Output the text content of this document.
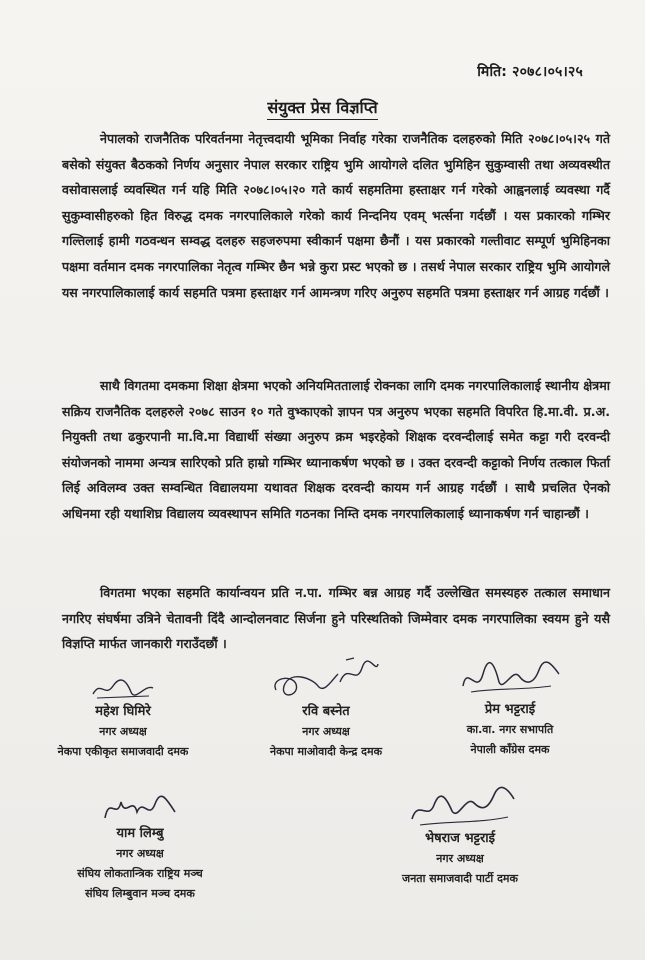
मिति: २०७८।०५।२५
संयुक्त प्रेस विज्ञप्ति
नेपालको राजनैतिक परिवर्तनमा नेतृत्त्वदायी भूमिका निर्वाह गरेका राजनैतिक दलहरुको मिति २०७८।०५।२५ गते बसेको संयुक्त बैठकको निर्णय अनुसार नेपाल सरकार राष्ट्रिय भुमि आयोगले दलित भुमिहिन सुकुम्वासी तथा अव्यवस्थीत वसोवासलाई व्यवस्थित गर्न यहि मिति २०७८।०५।२० गते कार्य सहमतिमा हस्ताक्षर गर्न गरेको आह्वनलाई व्यवस्था गर्दै सुकुम्वासीहरुको हित विरुद्ध दमक नगरपालिकाले गरेको कार्य निन्दनिय एवम् भर्त्सना गर्दछौं । यस प्रकारको गम्भिर गल्तिलाई हामी गठवन्धन सम्वद्ध दलहरु सहजरुपमा स्वीकार्न पक्षमा छैनौं । यस प्रकारको गल्तीवाट सम्पूर्ण भुमिहिनका पक्षमा वर्तमान दमक नगरपालिका नेतृत्व गम्भिर छैन भन्ने कुरा प्रस्ट भएको छ । तसर्थ नेपाल सरकार राष्ट्रिय भुमि आयोगले यस नगरपालिकालाई कार्य सहमति पत्रमा हस्ताक्षर गर्न आमन्त्रण गरिए अनुरुप सहमति पत्रमा हस्ताक्षर गर्न आग्रह गर्दछौं ।
साथै विगतमा दमकमा शिक्षा क्षेत्रमा भएको अनियमिततालाई रोक्नका लागि दमक नगरपालिकालाई स्थानीय क्षेत्रमा सक्रिय राजनैतिक दलहरुले २०७८ साउन १० गते वुभ्काएको ज्ञापन पत्र अनुरुप भएका सहमति विपरित हि.मा.वी. प्र.अ. नियुक्ती तथा ढकुरपानी मा.वि.मा विद्यार्थी संख्या अनुरुप क्रम भइरहेको शिक्षक दरवन्दीलाई समेत कट्टा गरी दरवन्दी संयोजनको नाममा अन्यत्र सारिएको प्रति हाम्रो गम्भिर ध्यानाकर्षण भएको छ । उक्त दरवन्दी कट्टाको निर्णय तत्काल फिर्ता लिई अविलम्व उक्त सम्वन्धित विद्यालयमा यथावत शिक्षक दरवन्दी कायम गर्न आग्रह गर्दछौं । साथै प्रचलित ऐनको अधिनमा रही यथाशिघ्र विद्यालय व्यवस्थापन समिति गठनका निम्ति दमक नगरपालिकालाई ध्यानाकर्षण गर्न चाहान्छौं ।
विगतमा भएका सहमति कार्यान्वयन प्रति न.पा. गम्भिर बन्न आग्रह गर्दै उल्लेखित समस्यहरु तत्काल समाधान नगरिए संघर्षमा उत्रिने चेतावनी दिंदै आन्दोलनवाट सिर्जना हुने परिस्थतिको जिम्मेवार दमक नगरपालिका स्वयम हुने यसै विज्ञप्ति मार्फत जानकारी गराउँदछौं ।
महेश घिमिरे
नगर अध्यक्ष
नेकपा एकीकृत समाजवादी दमक
रवि बस्नेत
नगर अध्यक्ष
नेकपा माओवादी केन्द्र दमक
प्रेम भट्टराई
का.वा. नगर सभापति
नेपाली काँग्रेस दमक
याम लिम्बु
नगर अध्यक्ष
संघिय लोकतान्त्रिक राष्ट्रिय मञ्च
संघिय लिम्बुवान मञ्च दमक
भेषराज भट्टराई
नगर अध्यक्ष
जनता समाजवादी पार्टी दमक
